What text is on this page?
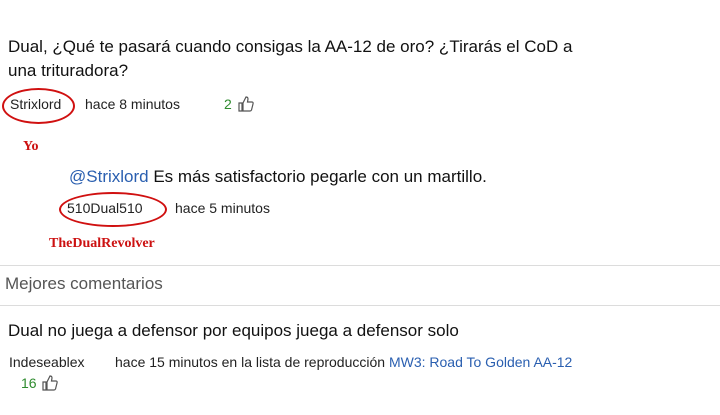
Dual, ¿Qué te pasará cuando consigas la AA-12 de oro? ¿Tirarás el CoD a
una trituradora?
Strixlord hace 8 minutos	2
Yo
@Strixlord Es más satisfactorio pegarle con un martillo.
510Dual510 hace 5 minutos
TheDualRevolver
Mejores comentarios
Dual no juega a defensor por equipos juega a defensor solo
Indeseablex hace 15 minutos en la lista de reproducción MW3: Road To Golden AA-12
16
